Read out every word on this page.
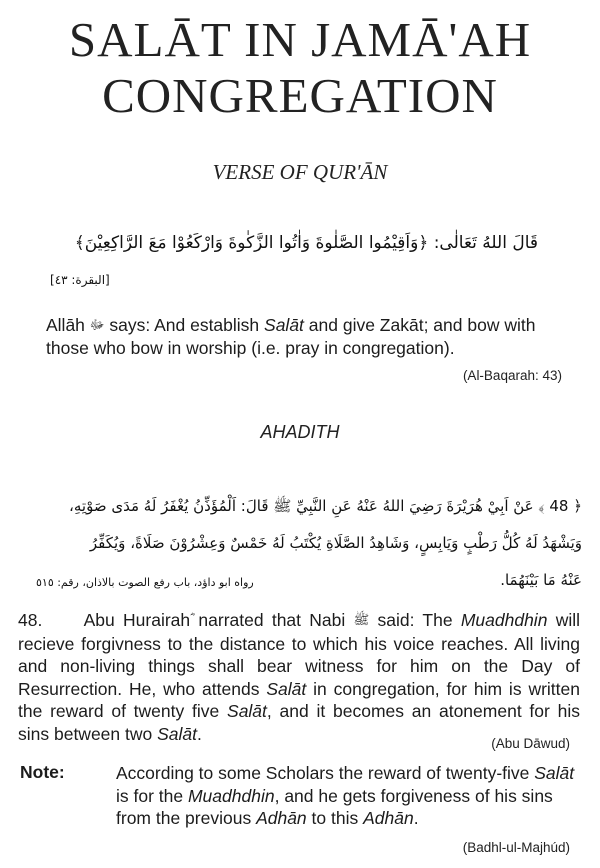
SALĀT IN JAMĀ'AH
CONGREGATION
VERSE OF QUR'ĀN
قَالَ اللهُ تَعَالٰى: ﴿وَاَقِيْمُوا الصَّلٰوةَ وَاٰتُوا الزَّكٰوةَ وَارْكَعُوْا مَعَ الرَّاكِعِيْنَ﴾
[البقرة: ٤٣]
Allāh ﷻ says: And establish Salāt and give Zakāt; and bow with those who bow in worship (i.e. pray in congregation).
(Al-Baqarah: 43)
AHADITH
﴿ 48 ﴾ عَنْ اَبِيْ هُرَيْرَةَ رَضِيَ اللهُ عَنْهُ عَنِ النَّبِيِّ ﷺ قَالَ: اَلْمُؤَذِّنُ يُغْفَرُ لَهُ مَدَى صَوْتِهِ،
وَيَشْهَدُ لَهُ كُلُّ رَطْبٍ وَيَابِسٍ، وَشَاهِدُ الصَّلَاةِ يُكْتَبُ لَهُ خَمْسٌ وَعِشْرُوْنَ صَلَاةً، وَيُكَفِّرُ
عَنْهُ مَا بَيْنَهُمَا.
رواه ابو داؤد، باب رفع الصوت بالاذان، رقم: ٥١٥
48. Abu Hurairah narrated that Nabi ﷺ said: The Muadhdhin will recieve forgivness to the distance to which his voice reaches. All living and non-living things shall bear witness for him on the Day of Resurrection. He, who attends Salāt in congregation, for him is written the reward of twenty five Salāt, and it becomes an atonement for his sins between two Salāt.	(Abu Dāwud)
Note:	According to some Scholars the reward of twenty-five Salāt is for the Muadhdhin, and he gets forgiveness of his sins from the previous Adhān to this Adhān.
(Badhl-ul-Majhúd)
